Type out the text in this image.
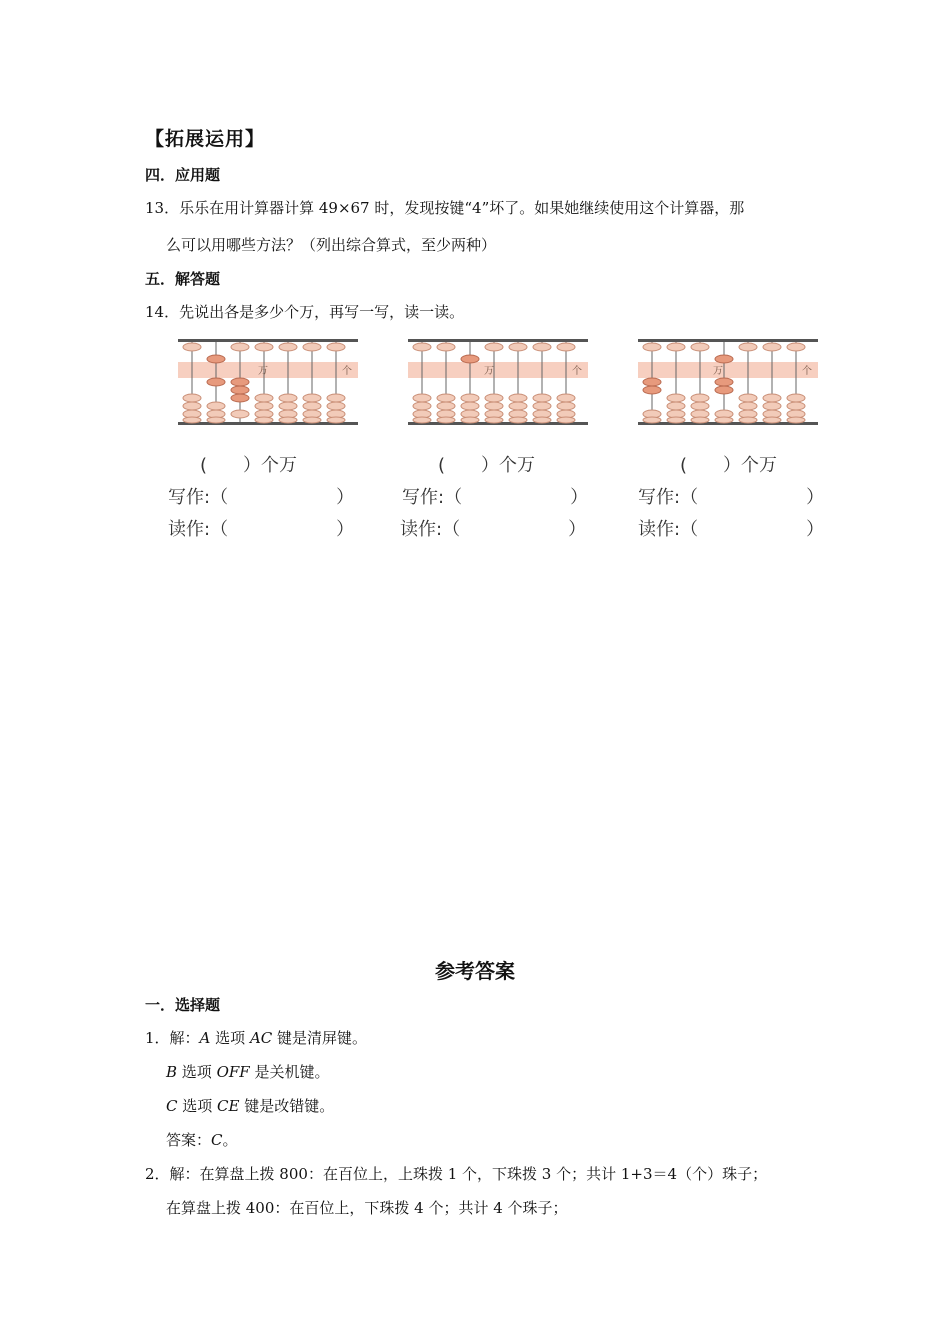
【拓展运用】
四．应用题
13．乐乐在用计算器计算 49×67 时，发现按键“4”坏了。如果她继续使用这个计算器，那
么可以用哪些方法？（列出综合算式，至少两种）
五．解答题
14．先说出各是多少个万，再写一写，读一读。
万	个	万	个	万	个
(　　）个万
写作:（　　　　　　）
读作:（　　　　　　）
(　　）个万
写作:（　　　　　　）
读作:（　　　　　　）
(　　）个万
写作:（　　　　　　）
读作:（　　　　　　）
参考答案
一．选择题
1．解：A 选项 AC 键是清屏键。
B 选项 OFF 是关机键。
C 选项 CE 键是改错键。
答案：C。
2．解：在算盘上拨 800：在百位上，上珠拨 1 个，下珠拨 3 个；共计 1+3＝4（个）珠子；
在算盘上拨 400：在百位上，下珠拨 4 个；共计 4 个珠子；
